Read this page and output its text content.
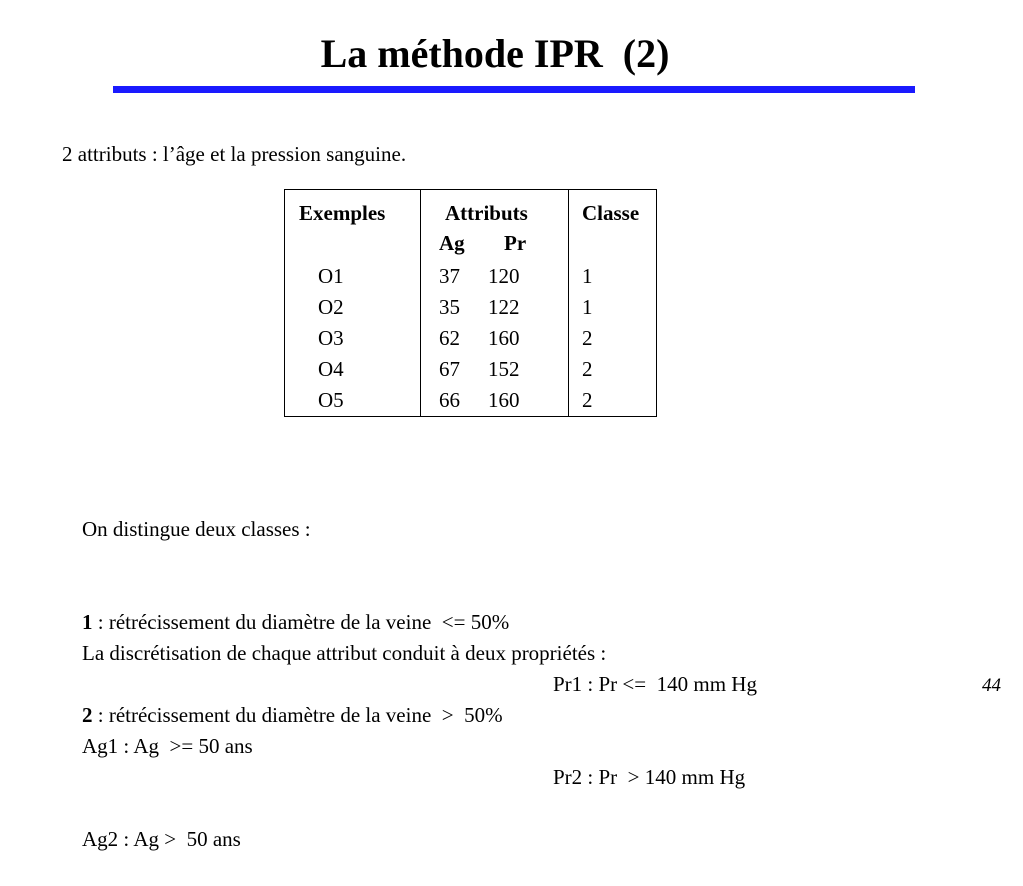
La méthode IPR  (2)
2 attributs : l’âge et la pression sanguine.
Exemples	Attributs	Classe
Ag Pr
O1	37 120	1
O2	35 122	1
O3	62 160	2
O4	67 152	2
O5	66 160	2

On distingue deux classes :

1 : rétrécissement du diamètre de la veine  <= 50%

2 : rétrécissement du diamètre de la veine  >  50%

La discrétisation de chaque attribut conduit à deux propriétés :

Ag1 : Ag  >= 50 ans

Ag2 : Ag >  50 ans

Pr1 : Pr <=  140 mm Hg

Pr2 : Pr  > 140 mm Hg

44
